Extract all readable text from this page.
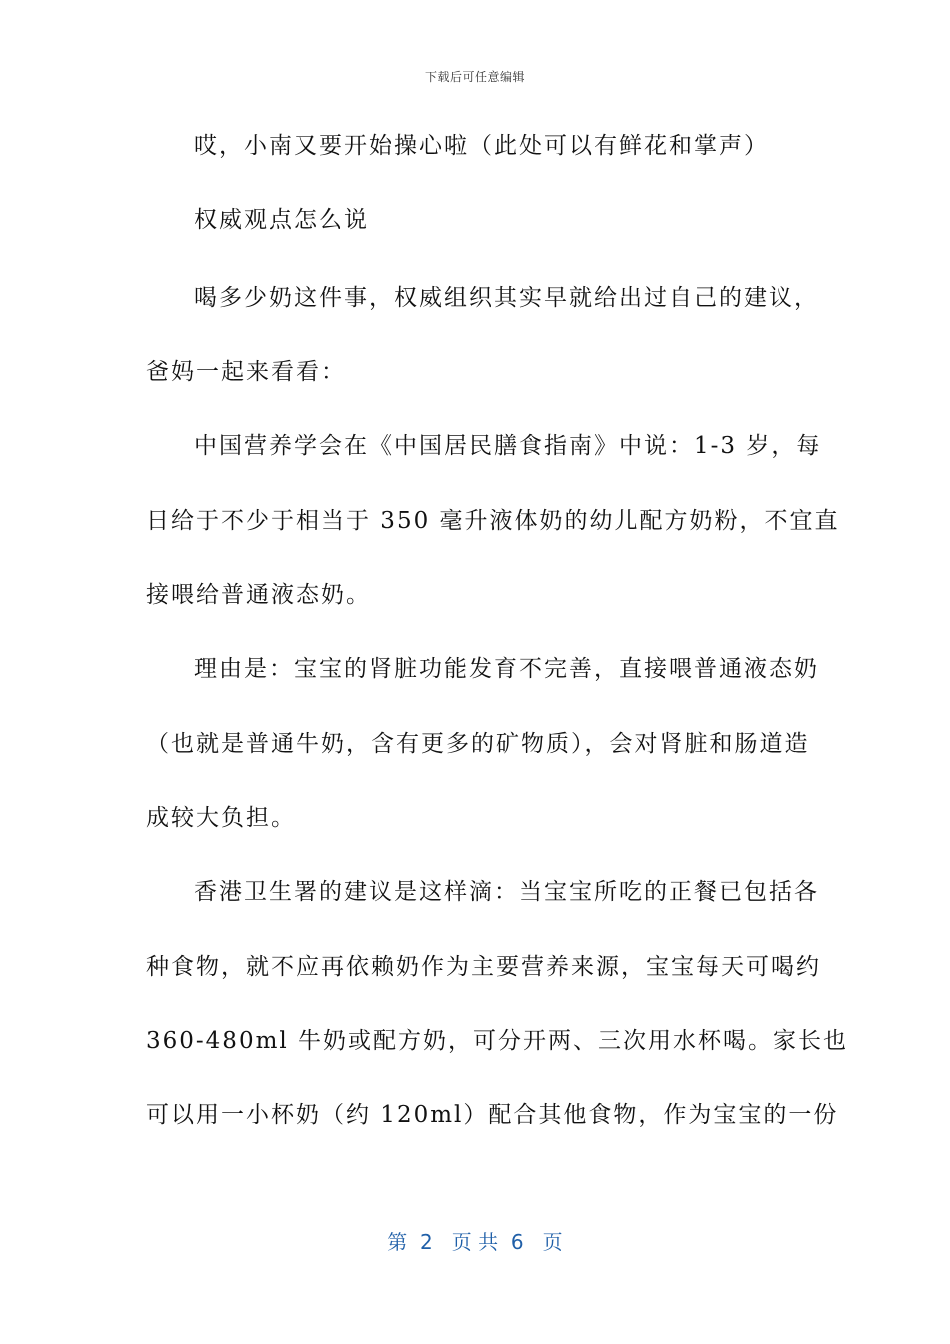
下载后可任意编辑
哎，小南又要开始操心啦（此处可以有鲜花和掌声）
权威观点怎么说
喝多少奶这件事，权威组织其实早就给出过自己的建议，
爸妈一起来看看：
中国营养学会在《中国居民膳食指南》中说：1-3 岁，每
日给于不少于相当于 350 毫升液体奶的幼儿配方奶粉，不宜直
接喂给普通液态奶。
理由是：宝宝的肾脏功能发育不完善，直接喂普通液态奶
（也就是普通牛奶，含有更多的矿物质），会对肾脏和肠道造
成较大负担。
香港卫生署的建议是这样滴：当宝宝所吃的正餐已包括各
种食物，就不应再依赖奶作为主要营养来源，宝宝每天可喝约
360-480ml 牛奶或配方奶，可分开两、三次用水杯喝。家长也
可以用一小杯奶（约 120ml）配合其他食物，作为宝宝的一份
第  2   页 共  6   页
